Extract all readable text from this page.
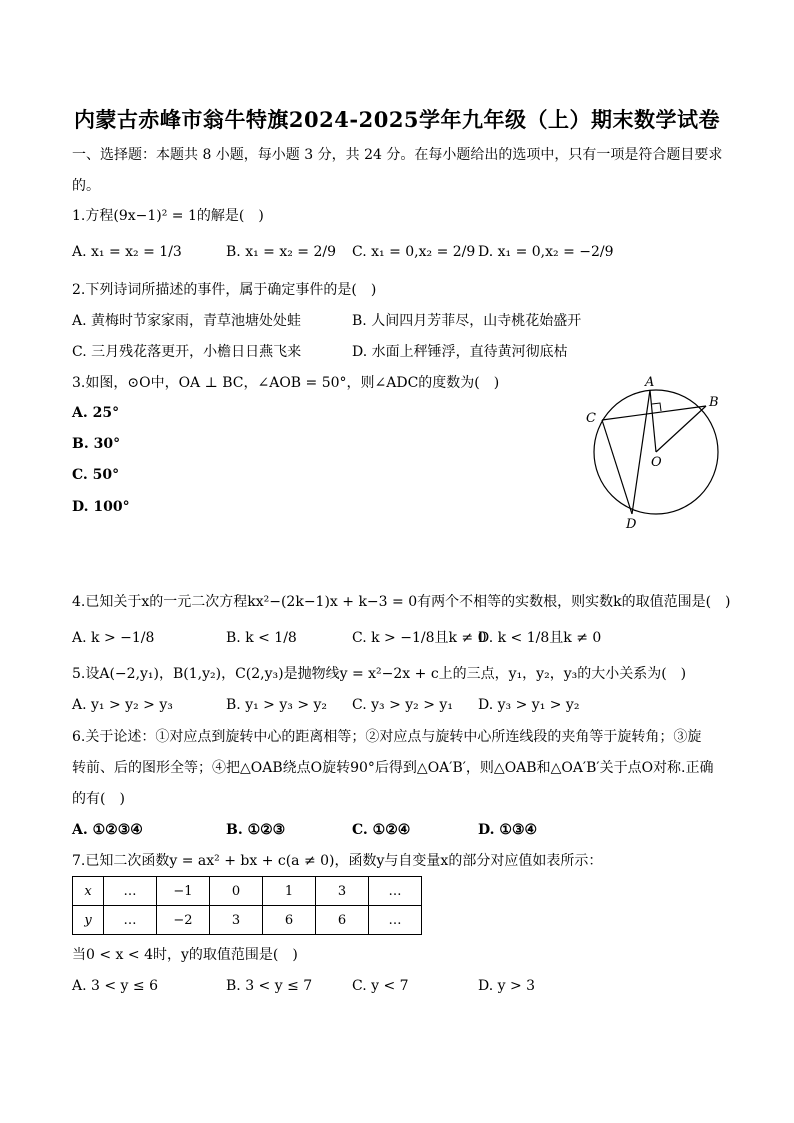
内蒙古赤峰市翁牛特旗2024-2025学年九年级（上）期末数学试卷
一、选择题：本题共 8 小题，每小题 3 分，共 24 分。在每小题给出的选项中，只有一项是符合题目要求
的。
1.方程(9x−1)² = 1的解是(　)
A. x₁ = x₂ = 1/3	B. x₁ = x₂ = 2/9 C. x₁ = 0,x₂ = 2/9 D. x₁ = 0,x₂ = −2/9
2.下列诗词所描述的事件，属于确定事件的是(　)
A. 黄梅时节家家雨，青草池塘处处蛙	B. 人间四月芳菲尽，山寺桃花始盛开
C. 三月残花落更开，小檐日日燕飞来	D. 水面上秤锤浮，直待黄河彻底枯
3.如图，⊙O中，OA ⊥ BC，∠AOB = 50°，则∠ADC的度数为(　)
A. 25°
B. 30°
C. 50°
D. 100°
A
B
C
D
O
4.已知关于x的一元二次方程kx²−(2k−1)x + k−3 = 0有两个不相等的实数根，则实数k的取值范围是(　)
A. k > −1/8	B. k < 1/8	C. k > −1/8且k ≠ 0
D. k < 1/8且k ≠ 0
5.设A(−2,y₁)，B(1,y₂)，C(2,y₃)是抛物线y = x²−2x + c上的三点，y₁，y₂，y₃的大小关系为(　)
A. y₁ > y₂ > y₃	B. y₁ > y₃ > y₂ C. y₃ > y₂ > y₁ D. y₃ > y₁ > y₂
6.关于论述：①对应点到旋转中心的距离相等；②对应点与旋转中心所连线段的夹角等于旋转角；③旋
转前、后的图形全等；④把△OAB绕点O旋转90°后得到△OA′B′，则△OAB和△OA′B′关于点O对称.正确
的有(　)
A. ①②③④	B. ①②③	C. ①②④	D. ①③④
7.已知二次函数y = ax² + bx + c(a ≠ 0)，函数y与自变量x的部分对应值如表所示：
x	…	−1	0	1	3	…
y	…	−2	3	6	6	…
当0 < x < 4时，y的取值范围是(　)
A. 3 < y ≤ 6	B. 3 < y ≤ 7	C. y < 7	D. y > 3
